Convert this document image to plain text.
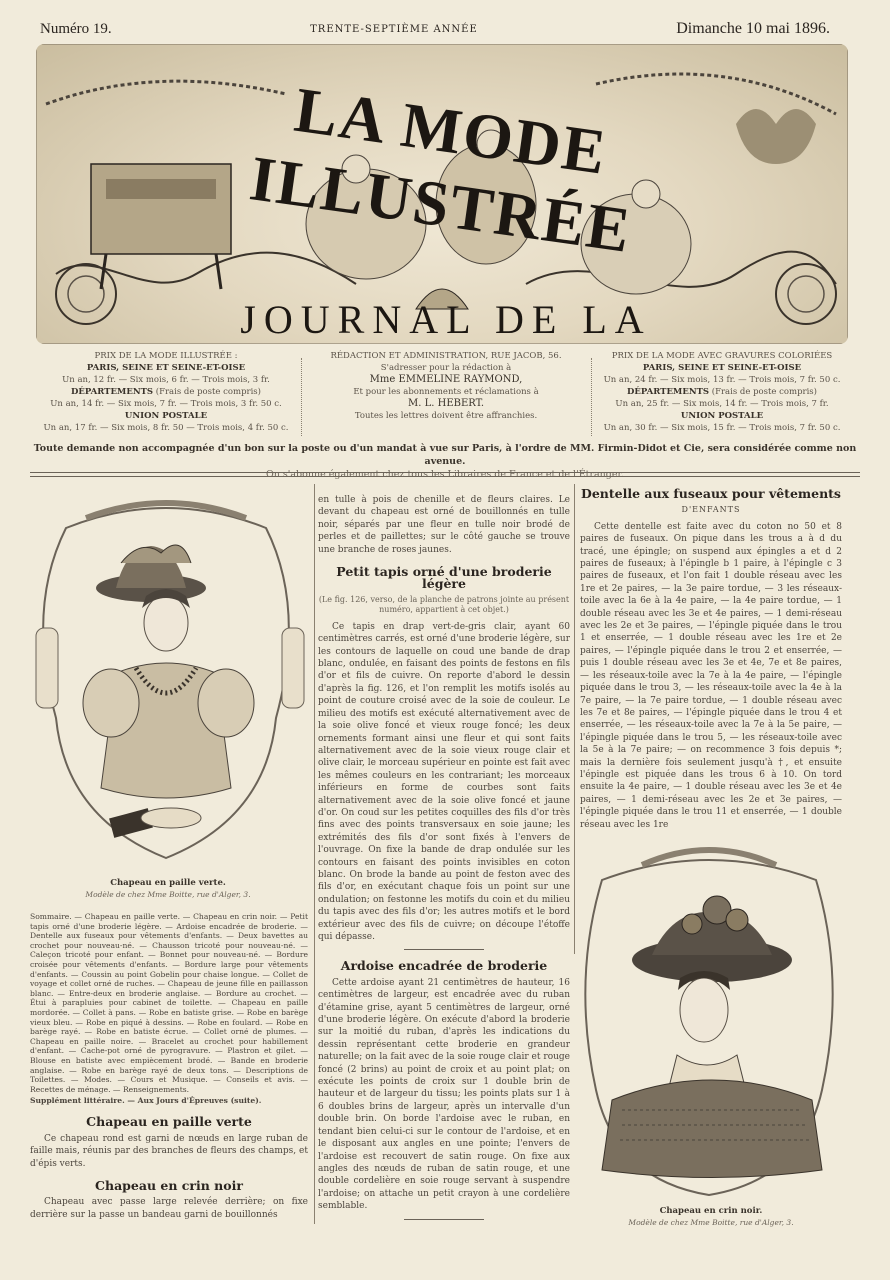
Numéro 19.	TRENTE-SEPTIÈME ANNÉE	Dimanche 10 mai 1896.
LA MODE ILLUSTRÉE
JOURNAL DE LA
PRIX DE LA MODE ILLUSTRÉE :
PARIS, SEINE ET SEINE-ET-OISE
Un an, 12 fr. — Six mois, 6 fr. — Trois mois, 3 fr.
DÉPARTEMENTS (Frais de poste compris)
Un an, 14 fr. — Six mois, 7 fr. — Trois mois, 3 fr. 50 c.
UNION POSTALE
Un an, 17 fr. — Six mois, 8 fr. 50 — Trois mois, 4 fr. 50 c.
RÉDACTION ET ADMINISTRATION, RUE JACOB, 56.
S'adresser pour la rédaction à
Mme EMMELINE RAYMOND,
Et pour les abonnements et réclamations à
M. L. HEBERT.
Toutes les lettres doivent être affranchies.
PRIX DE LA MODE AVEC GRAVURES COLORIÉES
PARIS, SEINE ET SEINE-ET-OISE
Un an, 24 fr. — Six mois, 13 fr. — Trois mois, 7 fr. 50 c.
DÉPARTEMENTS (Frais de poste compris)
Un an, 25 fr. — Six mois, 14 fr. — Trois mois, 7 fr.
UNION POSTALE
Un an, 30 fr. — Six mois, 15 fr. — Trois mois, 7 fr. 50 c.
Toute demande non accompagnée d'un bon sur la poste ou d'un mandat à vue sur Paris, à l'ordre de MM. Firmin-Didot et Cie, sera considérée comme non avenue.
On s'abonne également chez tous les Libraires de France et de l'Étranger.
Chapeau en paille verte.
Modèle de chez Mme Boitte, rue d'Alger, 3.
Sommaire. — Chapeau en paille verte. — Chapeau en crin noir. — Petit tapis orné d'une broderie légère. — Ardoise encadrée de broderie. — Dentelle aux fuseaux pour vêtements d'enfants. — Deux bavettes au crochet pour nouveau-né. — Chausson tricoté pour nouveau-né. — Caleçon tricoté pour enfant. — Bonnet pour nouveau-né. — Bordure croisée pour vêtements d'enfants. — Bordure large pour vêtements d'enfants. — Coussin au point Gobelin pour chaise longue. — Collet de voyage et collet orné de ruches. — Chapeau de jeune fille en paillasson blanc. — Entre-deux en broderie anglaise. — Bordure au crochet. — Étui à parapluies pour cabinet de toilette. — Chapeau en paille mordorée. — Collet à pans. — Robe en batiste grise. — Robe en barège vieux bleu. — Robe en piqué à dessins. — Robe en foulard. — Robe en barège rayé. — Robe en batiste écrue. — Collet orné de plumes. — Chapeau en paille noire. — Bracelet au crochet pour habillement d'enfant. — Cache-pot orné de pyrogravure. — Plastron et gilet. — Blouse en batiste avec empiècement brodé. — Bande en broderie anglaise. — Robe en barège rayé de deux tons. — Descriptions de Toilettes. — Modes. — Cours et Musique. — Conseils et avis. — Recettes de ménage. — Renseignements.
Supplément littéraire. — Aux Jours d'Épreuves (suite).
Chapeau en paille verte

Ce chapeau rond est garni de nœuds en large ruban de faille mais, réunis par des branches de fleurs des champs, et d'épis verts.

Chapeau en crin noir

Chapeau avec passe large relevée derrière; on fixe derrière sur la passe un bandeau garni de bouillonnés

en tulle à pois de chenille et de fleurs claires. Le devant du chapeau est orné de bouillonnés en tulle noir, séparés par une fleur en tulle noir brodé de perles et de paillettes; sur le côté gauche se trouve une branche de roses jaunes.

Petit tapis orné d'une broderie légère
(Le fig. 126, verso, de la planche de patrons jointe au présent numéro, appartient à cet objet.)

Ce tapis en drap vert-de-gris clair, ayant 60 centimètres carrés, est orné d'une broderie légère, sur les contours de laquelle on coud une bande de drap blanc, ondulée, en faisant des points de festons en fils d'or et fils de cuivre. On reporte d'abord le dessin d'après la fig. 126, et l'on remplit les motifs isolés au point de couture croisé avec de la soie de couleur. Le milieu des motifs est exécuté alternativement avec de la soie olive foncé et vieux rouge foncé; les deux ornements formant ainsi une fleur et qui sont faits alternativement avec de la soie vieux rouge clair et olive clair, le morceau supérieur en pointe est fait avec les mêmes couleurs en les contrariant; les morceaux inférieurs en forme de courbes sont faits alternativement avec de la soie olive foncé et jaune d'or. On coud sur les petites coquilles des fils d'or très fins avec des points transversaux en soie jaune; les extrémités des fils d'or sont fixés à l'envers de l'ouvrage. On fixe la bande de drap ondulée sur les contours en faisant des points invisibles en coton blanc. On brode la bande au point de feston avec des fils d'or, en exécutant chaque fois un point sur une ondulation; on festonne les motifs du coin et du milieu du tapis avec des fils d'or; les autres motifs et le bord extérieur avec des fils de cuivre; on découpe l'étoffe qui dépasse.

Ardoise encadrée de broderie

Cette ardoise ayant 21 centimètres de hauteur, 16 centimètres de largeur, est encadrée avec du ruban d'étamine grise, ayant 5 centimètres de largeur, orné d'une broderie légère. On exécute d'abord la broderie sur la moitié du ruban, d'après les indications du dessin représentant cette broderie en grandeur naturelle; on la fait avec de la soie rouge clair et rouge foncé (2 brins) au point de croix et au point plat; on exécute les points de croix sur 1 double brin de hauteur et de largeur du tissu; les points plats sur 1 à 6 doubles brins de largeur, après un intervalle d'un double brin. On borde l'ardoise avec le ruban, en tendant bien celui-ci sur le contour de l'ardoise, et en le disposant aux angles en une pointe; l'envers de l'ardoise est recouvert de satin rouge. On fixe aux angles des nœuds de ruban de satin rouge, et une double cordelière en soie rouge servant à suspendre l'ardoise; on attache un petit crayon à une cordelière semblable.

Dentelle aux fuseaux pour vêtements
D'ENFANTS

Cette dentelle est faite avec du coton no 50 et 8 paires de fuseaux. On pique dans les trous a à d du tracé, une épingle; on suspend aux épingles a et d 2 paires de fuseaux; à l'épingle b 1 paire, à l'épingle c 3 paires de fuseaux, et l'on fait 1 double réseau avec les 1re et 2e paires, — la 3e paire tordue, — 3 les réseaux-toile avec la 6e à la 4e paire, — la 4e paire tordue, — 1 double réseau avec les 3e et 4e paires, — 1 demi-réseau avec les 2e et 3e paires, — l'épingle piquée dans le trou 1 et enserrée, — 1 double réseau avec les 1re et 2e paires, — l'épingle piquée dans le trou 2 et enserrée, — puis 1 double réseau avec les 3e et 4e, 7e et 8e paires, — les réseaux-toile avec la 7e à la 4e paire, — l'épingle piquée dans le trou 3, — les réseaux-toile avec la 4e à la 7e paire, — la 7e paire tordue, — 1 double réseau avec les 7e et 8e paires, — l'épingle piquée dans le trou 4 et enserrée, — les réseaux-toile avec la 7e à la 5e paire, — l'épingle piquée dans le trou 5, — les réseaux-toile avec la 5e à la 7e paire; — on recommence 3 fois depuis *; mais la dernière fois seulement jusqu'à †, et ensuite l'épingle est piquée dans les trous 6 à 10. On tord ensuite la 4e paire, — 1 double réseau avec les 3e et 4e paires, — 1 demi-réseau avec les 2e et 3e paires, — l'épingle piquée dans le trou 11 et enserrée, — 1 double réseau avec les 1re

Chapeau en crin noir.
Modèle de chez Mme Boitte, rue d'Alger, 3.
